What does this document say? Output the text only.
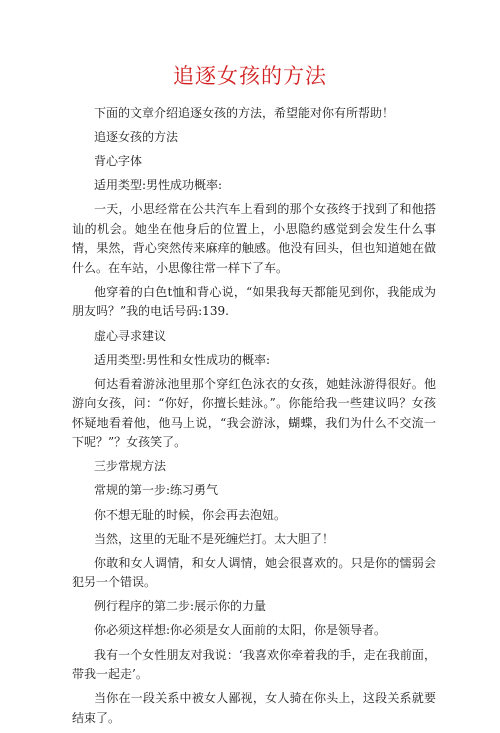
追逐女孩的方法

下面的文章介绍追逐女孩的方法，希望能对你有所帮助！

追逐女孩的方法

背心字体

适用类型:男性成功概率:

一天，小思经常在公共汽车上看到的那个女孩终于找到了和他搭讪的机会。她坐在他身后的位置上，小思隐约感觉到会发生什么事情，果然，背心突然传来麻痒的触感。他没有回头，但也知道她在做什么。在车站，小思像往常一样下了车。

他穿着的白色t恤和背心说，“如果我每天都能见到你，我能成为朋友吗？”我的电话号码:139.

虚心寻求建议

适用类型:男性和女性成功的概率:

何达看着游泳池里那个穿红色泳衣的女孩，她蛙泳游得很好。他游向女孩，问：“你好，你擅长蛙泳。”。你能给我一些建议吗？女孩怀疑地看着他，他马上说，“我会游泳，蝴蝶，我们为什么不交流一下呢？”？女孩笑了。

三步常规方法

常规的第一步:练习勇气

你不想无耻的时候，你会再去泡妞。

当然，这里的无耻不是死缠烂打。太大胆了！

你敢和女人调情，和女人调情，她会很喜欢的。只是你的懦弱会犯另一个错误。

例行程序的第二步:展示你的力量

你必须这样想:你必须是女人面前的太阳，你是领导者。

我有一个女性朋友对我说：‘我喜欢你牵着我的手，走在我前面，带我一起走’。

当你在一段关系中被女人鄙视，女人骑在你头上，这段关系就要结束了。
